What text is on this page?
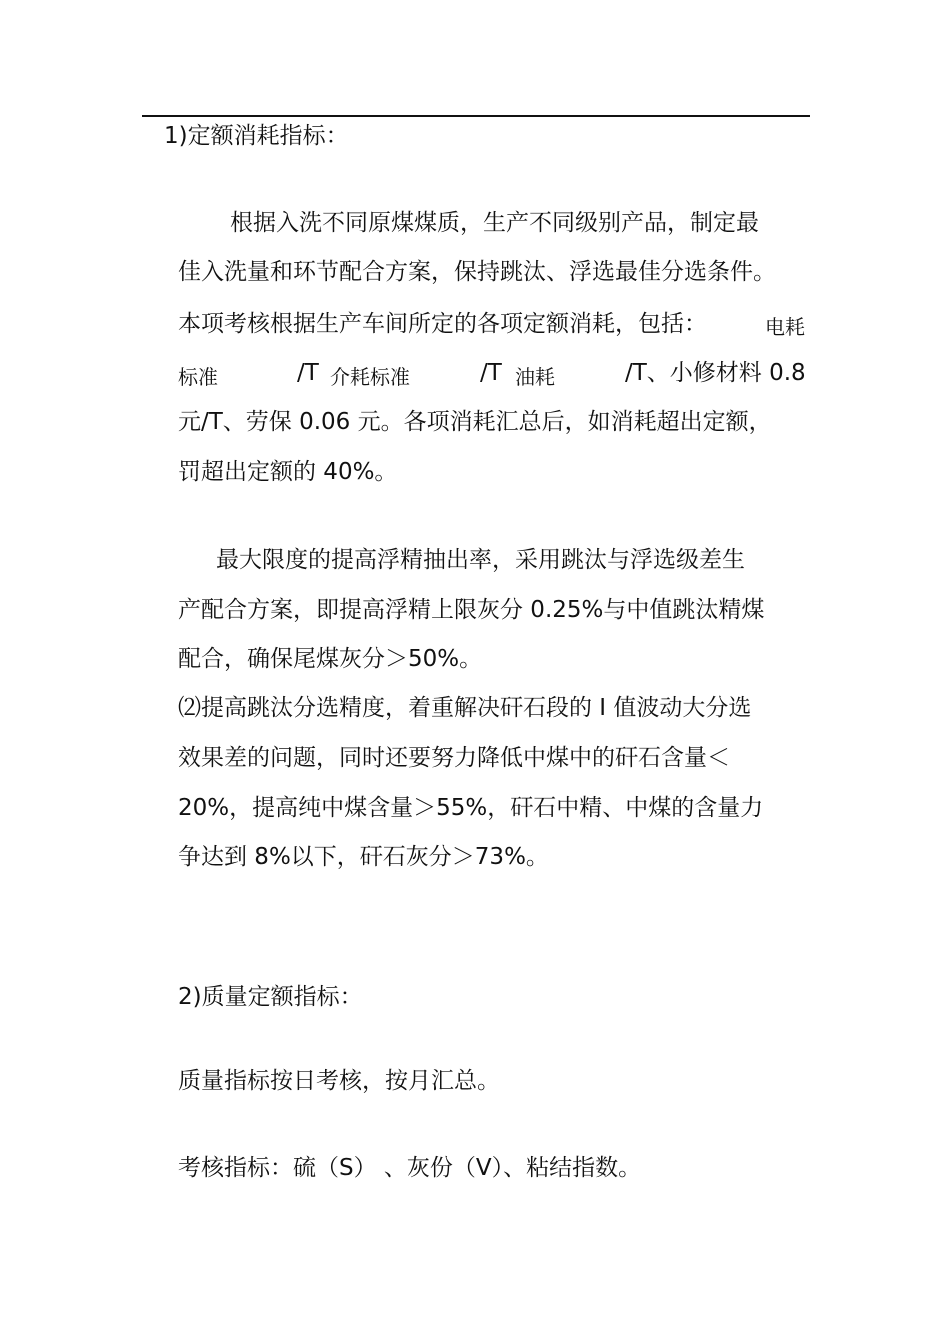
1)定额消耗指标：
根据入洗不同原煤煤质，生产不同级别产品，制定最
佳入洗量和环节配合方案，保持跳汰、浮选最佳分选条件。
本项考核根据生产车间所定的各项定额消耗，包括：	电耗
标准	/T 介耗标准	/T 油耗	/T、小修材料 0.8
元/T、劳保 0.06 元。各项消耗汇总后，如消耗超出定额，
罚超出定额的 40%。
最大限度的提高浮精抽出率，采用跳汰与浮选级差生
产配合方案，即提高浮精上限灰分 0.25%与中值跳汰精煤
配合，确保尾煤灰分＞50%。
⑵提高跳汰分选精度，着重解决矸石段的 I 值波动大分选
效果差的问题，同时还要努力降低中煤中的矸石含量＜
20%，提高纯中煤含量＞55%，矸石中精、中煤的含量力
争达到 8%以下，矸石灰分＞73%。
2)质量定额指标：
质量指标按日考核，按月汇总。
考核指标：硫（S） 、灰份（V）、粘结指数。
